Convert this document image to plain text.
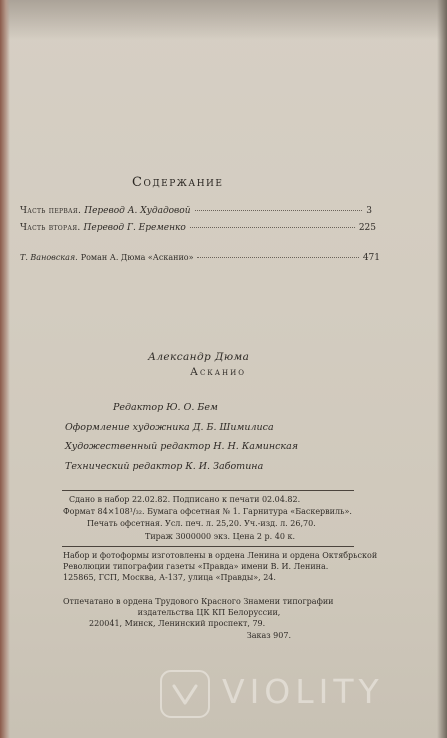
Содержание
Часть первая. Перевод А. Худадовой	3
Часть вторая. Перевод Г. Еременко	225
Т. Вановская. Роман А. Дюма «Асканио»	471
Александр Дюма
Асканио
Редактор Ю. О. Бем
Оформление художника Д. Б. Шимилиса
Художественный редактор Н. Н. Каминская
Технический редактор К. И. Заботина
Сдано в набор 22.02.82. Подписано к печати 02.04.82.
Формат 84×108¹/₃₂. Бумага офсетная № 1. Гарнитура «Баскервиль».
Печать офсетная. Усл. печ. л. 25,20. Уч.-изд. л. 26,70.
Тираж 3000000 экз. Цена 2 р. 40 к.
Набор и фотоформы изготовлены в ордена Ленина и ордена Октябрьской
Революции типографии газеты «Правда» имени В. И. Ленина.
125865, ГСП, Москва, А-137, улица «Правды», 24.
Отпечатано в ордена Трудового Красного Знамени типографии
издательства ЦК КП Белоруссии,
220041, Минск, Ленинский проспект, 79.
Заказ 907.
VIOLITY
